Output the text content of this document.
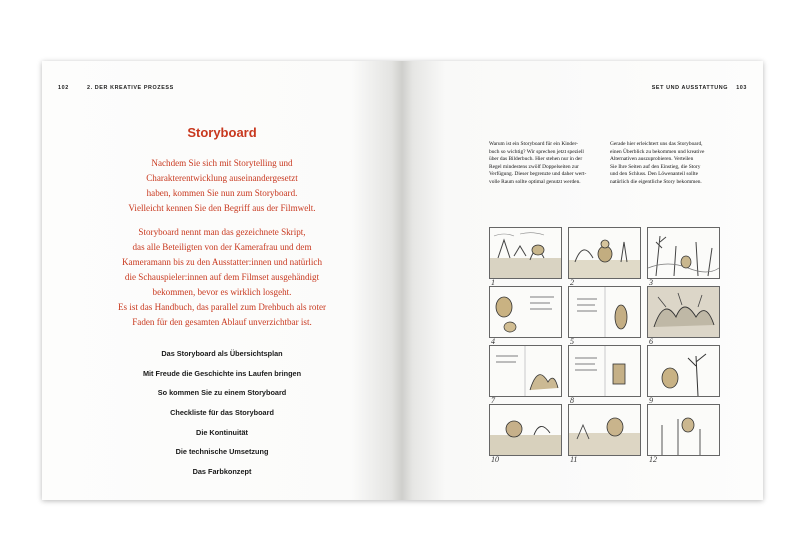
102	2. DER KREATIVE PROZESS
Storyboard
Nachdem Sie sich mit Storytelling und
Charakterentwicklung auseinandergesetzt
haben, kommen Sie nun zum Storyboard.
Vielleicht kennen Sie den Begriff aus der Filmwelt.
Storyboard nennt man das gezeichnete Skript,
das alle Beteiligten von der Kamerafrau und dem
Kameramann bis zu den Ausstatter:innen und natürlich
die Schauspieler:innen auf dem Filmset ausgehändigt
bekommen, bevor es wirklich losgeht.
Es ist das Handbuch, das parallel zum Drehbuch als roter
Faden für den gesamten Ablauf unverzichtbar ist.
Das Storyboard als Übersichtsplan
Mit Freude die Geschichte ins Laufen bringen
So kommen Sie zu einem Storyboard
Checkliste für das Storyboard
Die Kontinuität
Die technische Umsetzung
Das Farbkonzept
SET UND AUSSTATTUNG 103
Warum ist ein Storyboard für ein Kinder-
buch so wichtig? Wir sprechen jetzt speziell
über das Bilderbuch. Hier stehen nur in der
Regel mindestens zwölf Doppelseiten zur
Verfügung. Dieser begrenzte und daher wert-
volle Raum sollte optimal genutzt werden.
Gerade hier erleichtert uns das Storyboard,
einen Überblick zu bekommen und kreative
Alternativen auszuprobieren. Verteilen
Sie Ihre Seiten auf den Einstieg, die Story
und den Schluss. Den Löwenanteil sollte
natürlich die eigentliche Story bekommen.
1	2	3
4	5	6
7	8	9
10	11	12
